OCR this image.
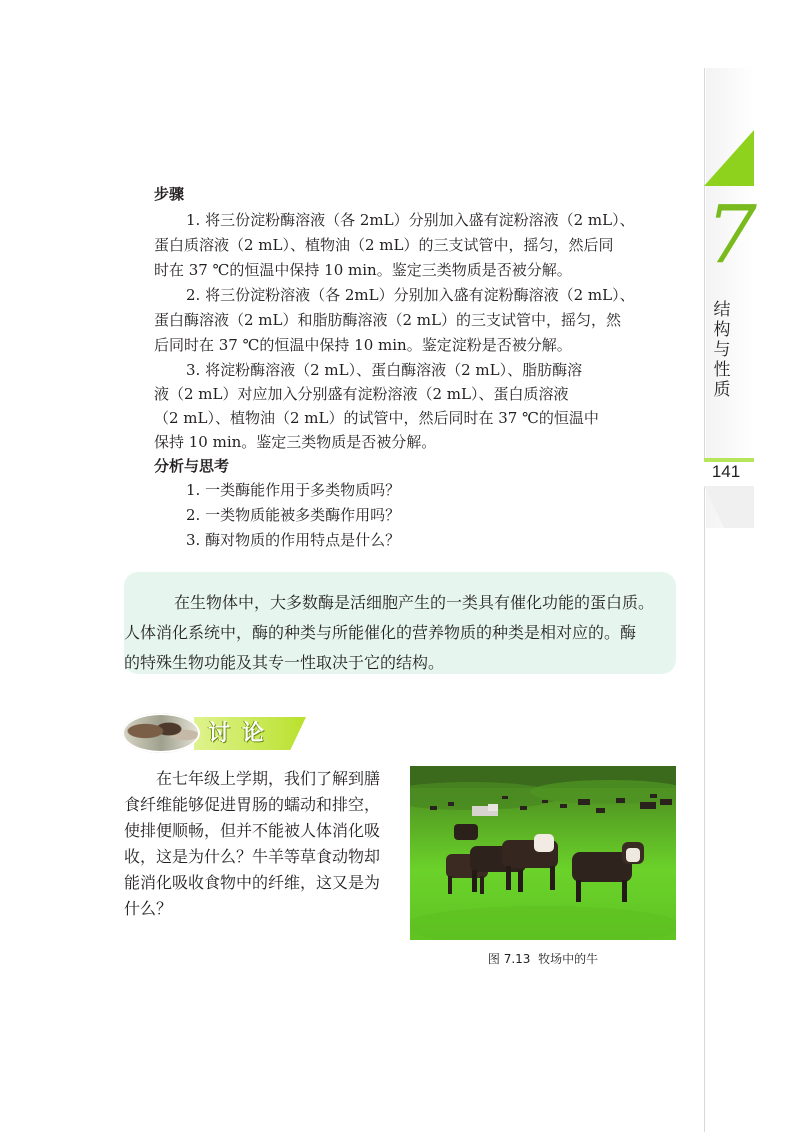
7
结构与性质
141
步骤
1. 将三份淀粉酶溶液（各 2mL）分别加入盛有淀粉溶液（2 mL）、
蛋白质溶液（2 mL）、植物油（2 mL）的三支试管中，摇匀，然后同
时在 37 ℃的恒温中保持 10 min。鉴定三类物质是否被分解。
2. 将三份淀粉溶液（各 2mL）分别加入盛有淀粉酶溶液（2 mL）、
蛋白酶溶液（2 mL）和脂肪酶溶液（2 mL）的三支试管中，摇匀，然
后同时在 37 ℃的恒温中保持 10 min。鉴定淀粉是否被分解。
3. 将淀粉酶溶液（2 mL）、蛋白酶溶液（2 mL）、脂肪酶溶
液（2 mL）对应加入分别盛有淀粉溶液（2 mL）、蛋白质溶液
（2 mL）、植物油（2 mL）的试管中，然后同时在 37 ℃的恒温中
保持 10 min。鉴定三类物质是否被分解。
分析与思考
1. 一类酶能作用于多类物质吗？
2. 一类物质能被多类酶作用吗？
3. 酶对物质的作用特点是什么？
在生物体中，大多数酶是活细胞产生的一类具有催化功能的蛋白质。
人体消化系统中，酶的种类与所能催化的营养物质的种类是相对应的。酶
的特殊生物功能及其专一性取决于它的结构。
讨论
在七年级上学期，我们了解到膳
食纤维能够促进胃肠的蠕动和排空，
使排便顺畅，但并不能被人体消化吸
收，这是为什么？牛羊等草食动物却
能消化吸收食物中的纤维，这又是为
什么？
图 7.13 牧场中的牛
